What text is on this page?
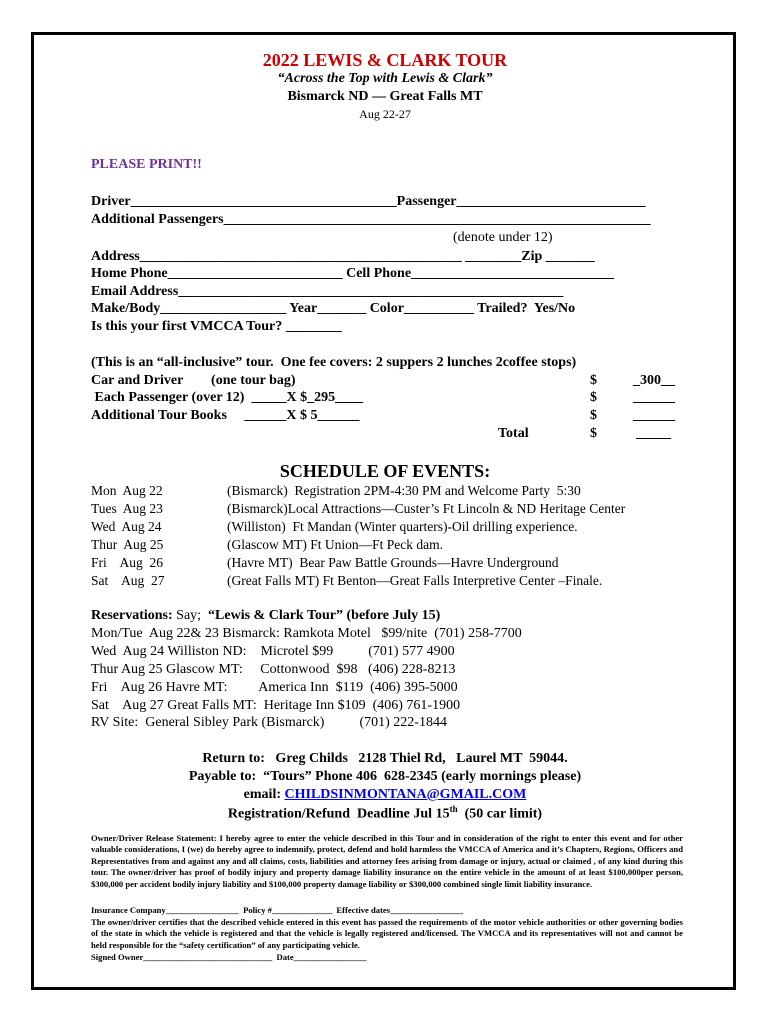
2022 LEWIS & CLARK TOUR
“Across the Top with Lewis & Clark”
Bismarck ND — Great Falls MT
Aug 22-27
PLEASE PRINT!!
Driver______________________________________Passenger___________________________
Additional Passengers_____________________________________________________________
(denote under 12)
Address______________________________________________ ________Zip _______
Home Phone_________________________ Cell Phone_____________________________
Email Address_______________________________________________________
Make/Body__________________ Year_______ Color__________ Trailed?  Yes/No
Is this your first VMCCA Tour? ________
(This is an “all-inclusive” tour.  One fee covers: 2 suppers 2 lunches 2coffee stops)
Car and Driver        (one tour bag)	$	_300__
Each Passenger (over 12)  _____X $_295____	$	______
Additional Tour Books     ______X $ 5______	$	______
Total	$	_____
SCHEDULE OF EVENTS:
Mon  Aug 22	(Bismarck)  Registration 2PM-4:30 PM and Welcome Party  5:30
Tues  Aug 23	(Bismarck)Local Attractions—Custer’s Ft Lincoln & ND Heritage Center
Wed  Aug 24	(Williston)  Ft Mandan (Winter quarters)-Oil drilling experience.
Thur  Aug 25	(Glascow MT) Ft Union—Ft Peck dam.
Fri    Aug  26	(Havre MT)  Bear Paw Battle Grounds—Havre Underground
Sat    Aug  27	(Great Falls MT) Ft Benton—Great Falls Interpretive Center –Finale.
Reservations: Say;  “Lewis & Clark Tour” (before July 15)
Mon/Tue  Aug 22& 23 Bismarck: Ramkota Motel   $99/nite  (701) 258-7700
Wed  Aug 24 Williston ND:    Microtel $99          (701) 577 4900
Thur Aug 25 Glascow MT:     Cottonwood  $98   (406) 228-8213
Fri    Aug 26 Havre MT:         America Inn  $119  (406) 395-5000
Sat    Aug 27 Great Falls MT:  Heritage Inn $109  (406) 761-1900
RV Site:  General Sibley Park (Bismarck)          (701) 222-1844
Return to:   Greg Childs   2128 Thiel Rd,   Laurel MT  59044.
Payable to:  “Tours” Phone 406  628-2345 (early mornings please)
email: CHILDSINMONTANA@GMAIL.COM
Registration/Refund  Deadline Jul 15th  (50 car limit)
Owner/Driver Release Statement: I hereby agree to enter the vehicle described in this Tour and in consideration of the right to enter this event and for other valuable considerations, I (we) do hereby agree to indemnify, protect, defend and hold harmless the VMCCA of America and it’s Chapters, Regions, Officers and Representatives from and against any and all claims, costs, liabilities and attorney fees arising from damage or injury, actual or claimed , of any kind during this tour. The owner/driver has proof of bodily injury and property damage liability insurance on the entire vehicle in the amount of at least $100,000per person, $300,000 per accident bodily injury liability and $100,000 property damage liability or $300,000 combined single limit liability insurance.
Insurance Company_________________  Policy #______________  Effective dates_________________
The owner/driver certifies that the described vehicle entered in this event has passed the requirements of the motor vehicle authorities or other governing bodies of the state in which the vehicle is registered and that the vehicle is legally registered and/licensed. The VMCCA and its representatives will not and cannot be held responsible for the “safety certification” of any participating vehicle.
Signed Owner______________________________  Date_________________
